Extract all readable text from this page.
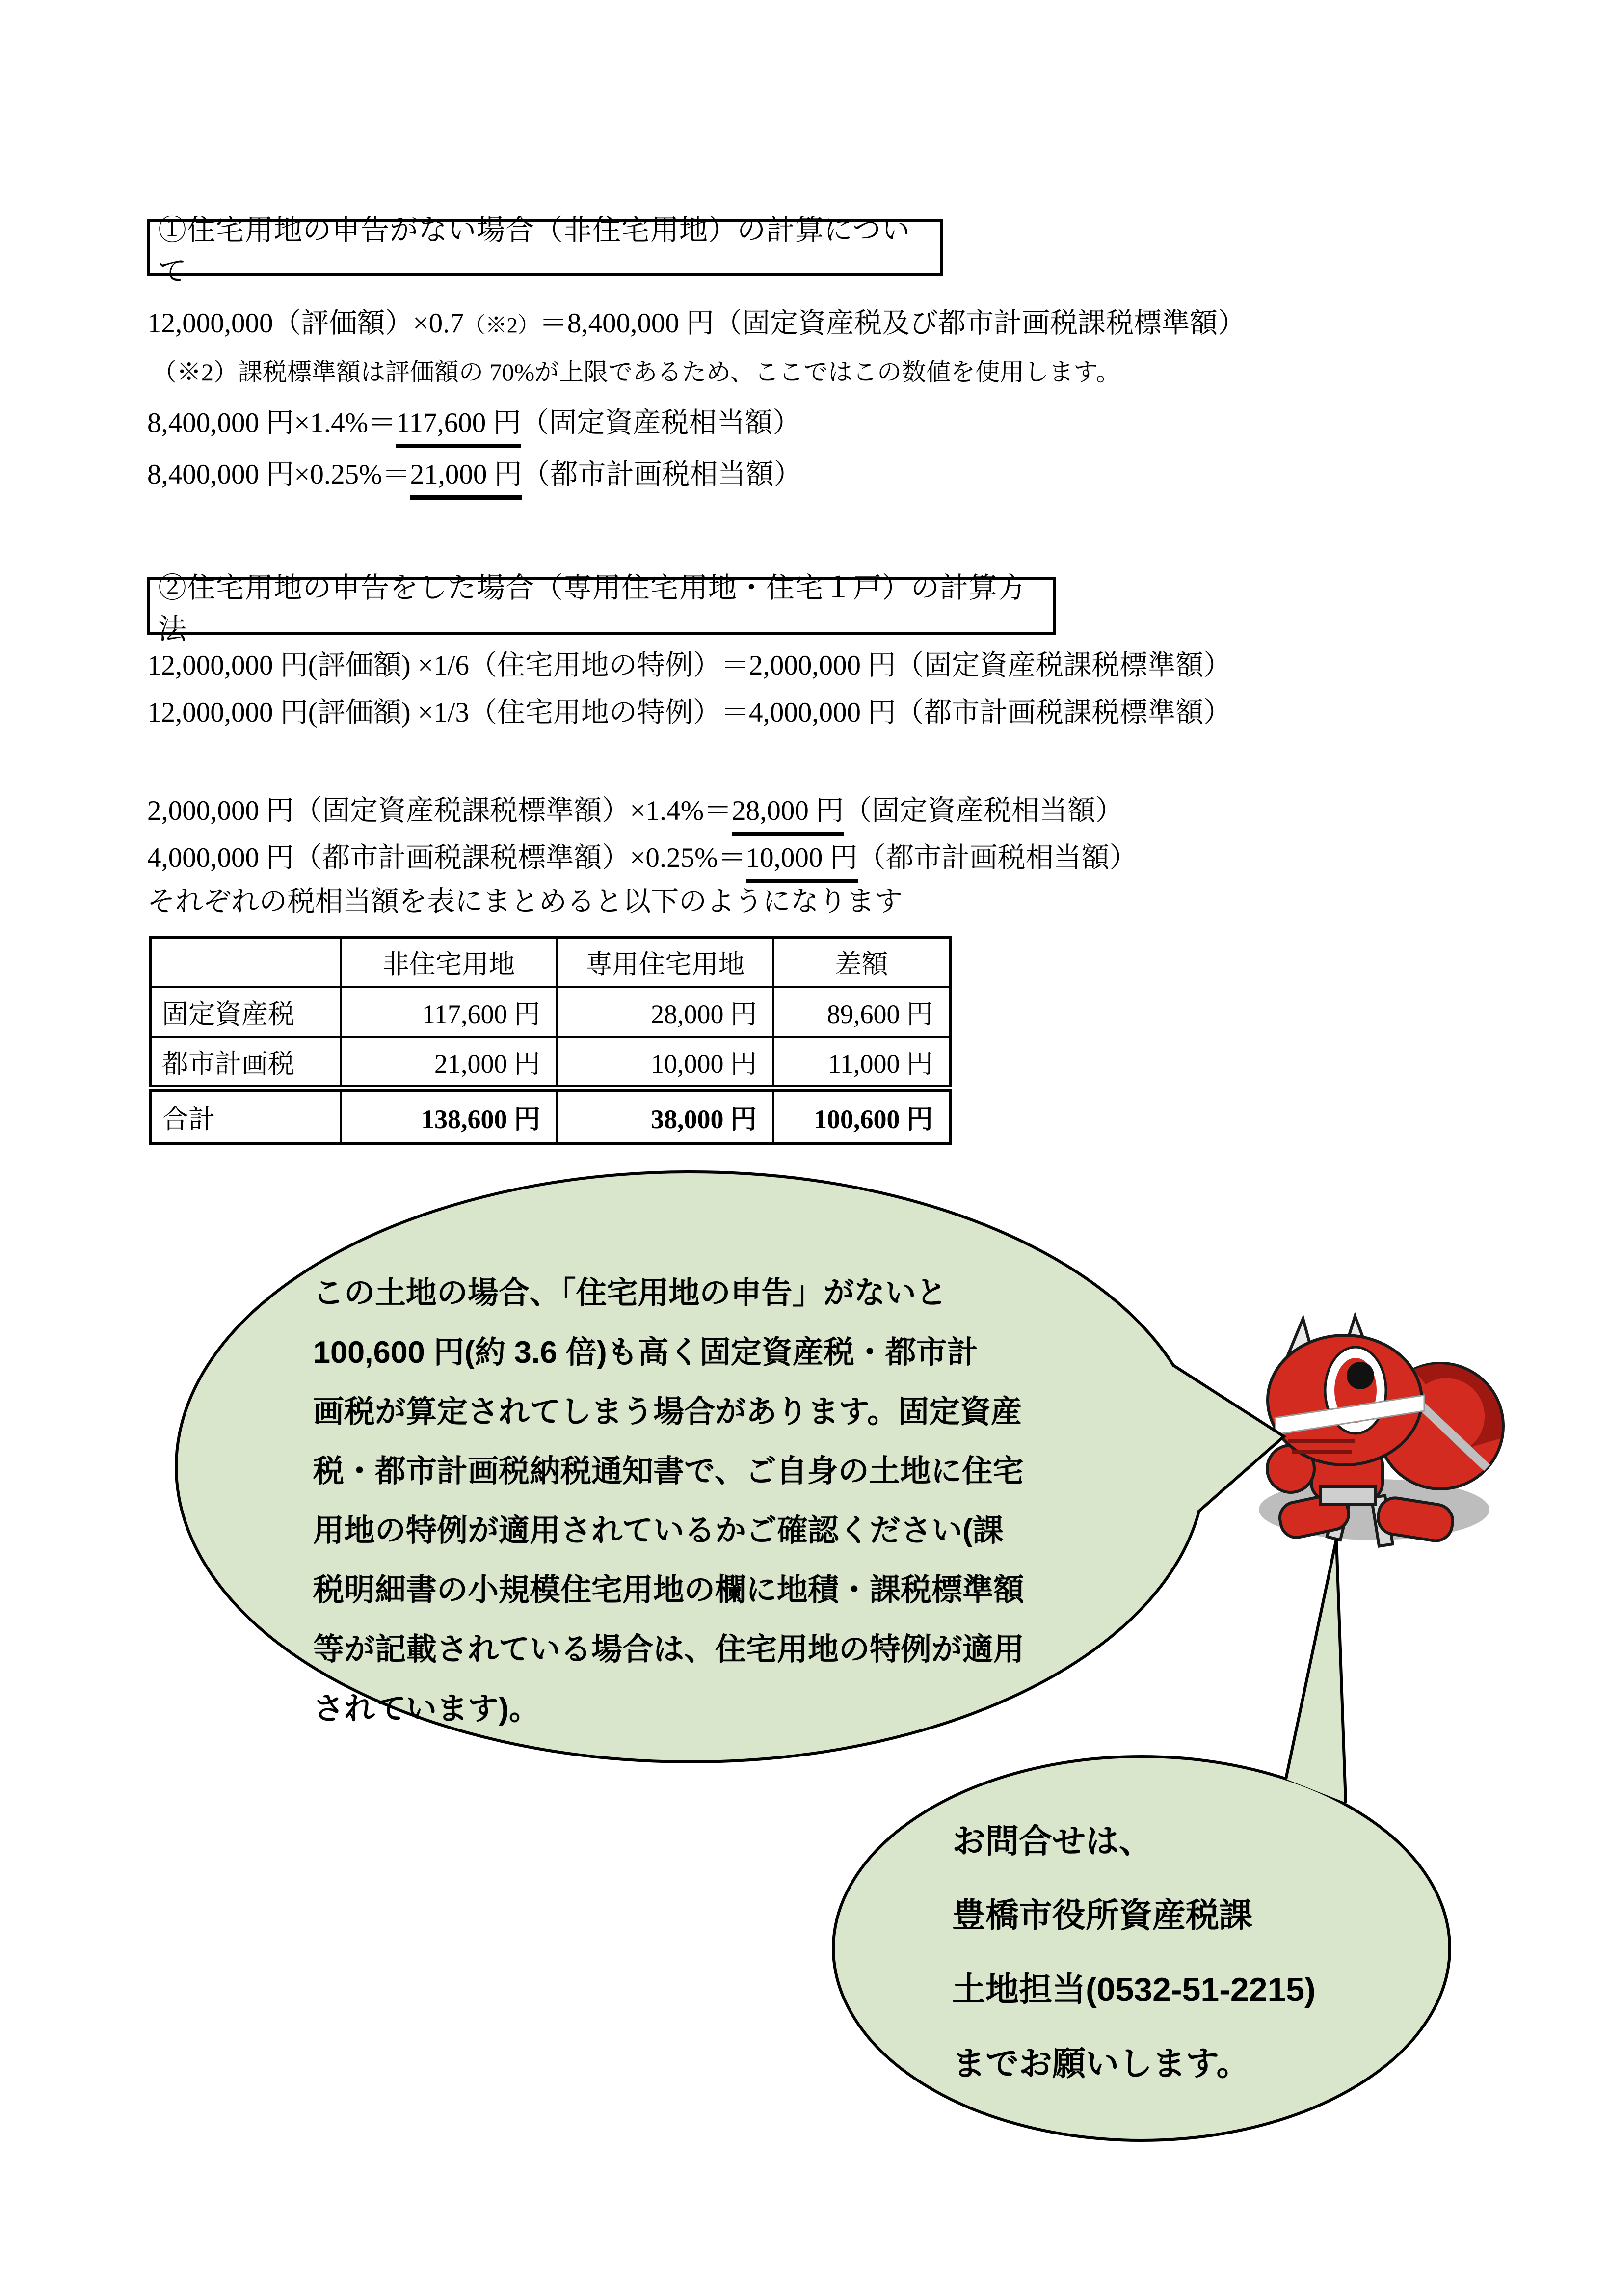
①住宅用地の申告がない場合（非住宅用地）の計算について
12,000,000（評価額）×0.7（※2）＝8,400,000 円（固定資産税及び都市計画税課税標準額）
（※2）課税標準額は評価額の 70%が上限であるため、ここではこの数値を使用します。
8,400,000 円×1.4%＝117,600 円（固定資産税相当額）
8,400,000 円×0.25%＝21,000 円（都市計画税相当額）
②住宅用地の申告をした場合（専用住宅用地・住宅１戸）の計算方法
12,000,000 円(評価額) ×1/6（住宅用地の特例）＝2,000,000 円（固定資産税課税標準額）
12,000,000 円(評価額) ×1/3（住宅用地の特例）＝4,000,000 円（都市計画税課税標準額）
2,000,000 円（固定資産税課税標準額）×1.4%＝28,000 円（固定資産税相当額）
4,000,000 円（都市計画税課税標準額）×0.25%＝10,000 円（都市計画税相当額）
それぞれの税相当額を表にまとめると以下のようになります
	非住宅用地	専用住宅用地	差額
固定資産税	117,600 円	28,000 円	89,600 円
都市計画税	21,000 円	10,000 円	11,000 円
合計	138,600 円	38,000 円	100,600 円
この土地の場合、「住宅用地の申告」がないと
100,600 円(約 3.6 倍)も高く固定資産税・都市計
画税が算定されてしまう場合があります。固定資産
税・都市計画税納税通知書で、ご自身の土地に住宅
用地の特例が適用されているかご確認ください(課
税明細書の小規模住宅用地の欄に地積・課税標準額
等が記載されている場合は、住宅用地の特例が適用
されています)。
お問合せは、
豊橋市役所資産税課
土地担当(0532-51-2215)
までお願いします。
